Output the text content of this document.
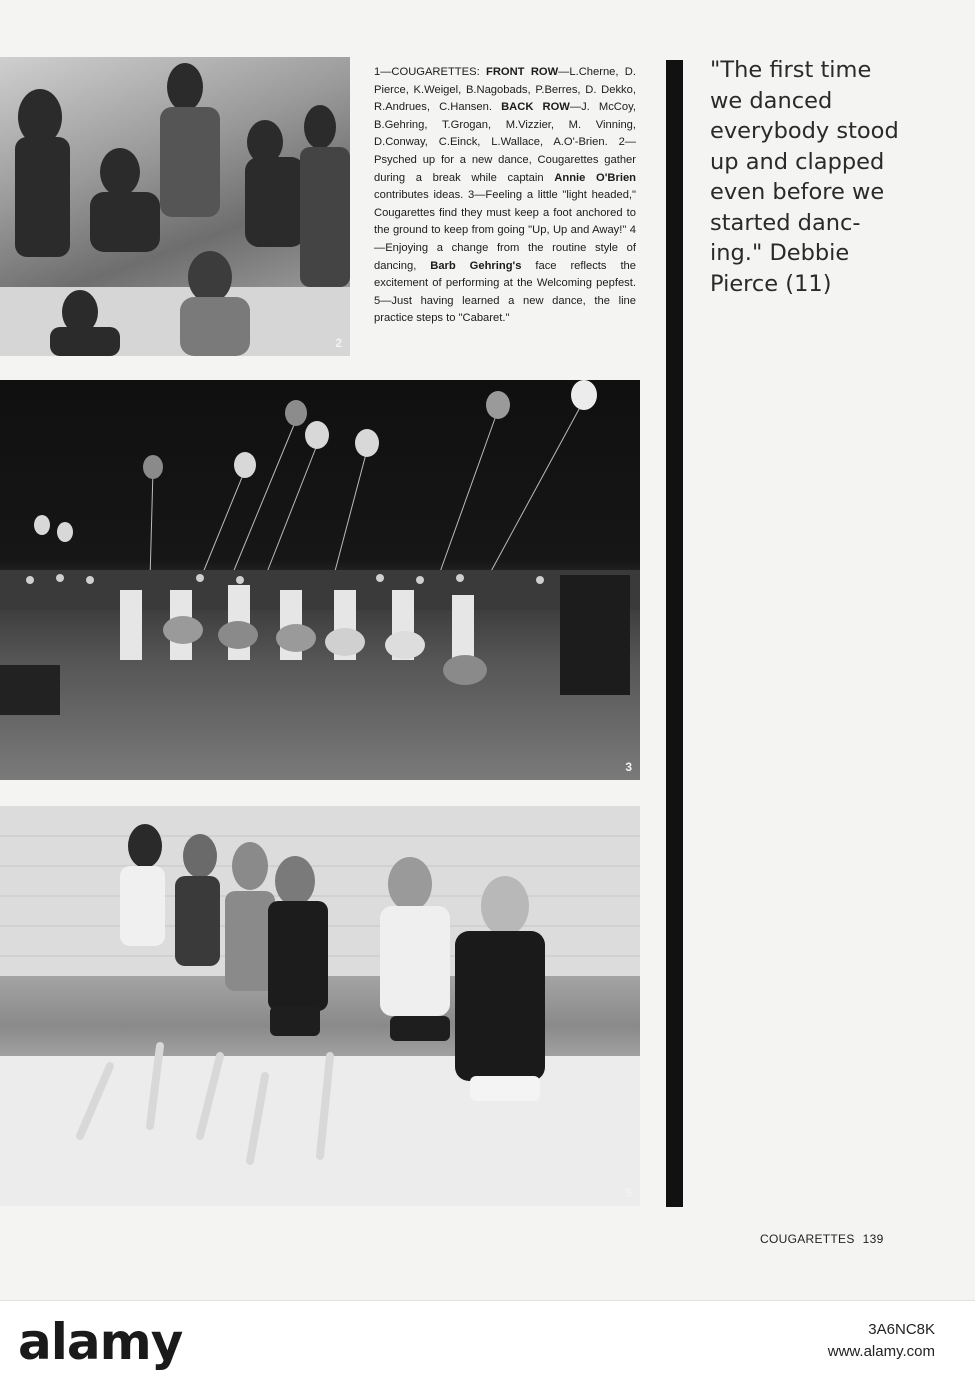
2
1—COUGARETTES: FRONT ROW—L.Cherne, D. Pierce, K.Weigel, B.Nagobads, P.Berres, D. Dekko, R.Andrues, C.Hansen. BACK ROW—J. McCoy, B.Gehring, T.Grogan, M.Vizzier, M. Vinning, D.Conway, C.Einck, L.Wallace, A.O'-Brien. 2—Psyched up for a new dance, Cougarettes gather during a break while captain Annie O'Brien contributes ideas. 3—Feeling a little "light headed," Cougarettes find they must keep a foot anchored to the ground to keep from going "Up, Up and Away!" 4—Enjoying a change from the routine style of dancing, Barb Gehring's face reflects the excitement of performing at the Welcoming pepfest. 5—Just having learned a new dance, the line practice steps to "Cabaret."
"The first time we danced everybody stood up and clapped even before we started danc-ing." Debbie Pierce (11)
3
5
COUGARETTES 139
alamy	3A6NC8K
www.alamy.com
